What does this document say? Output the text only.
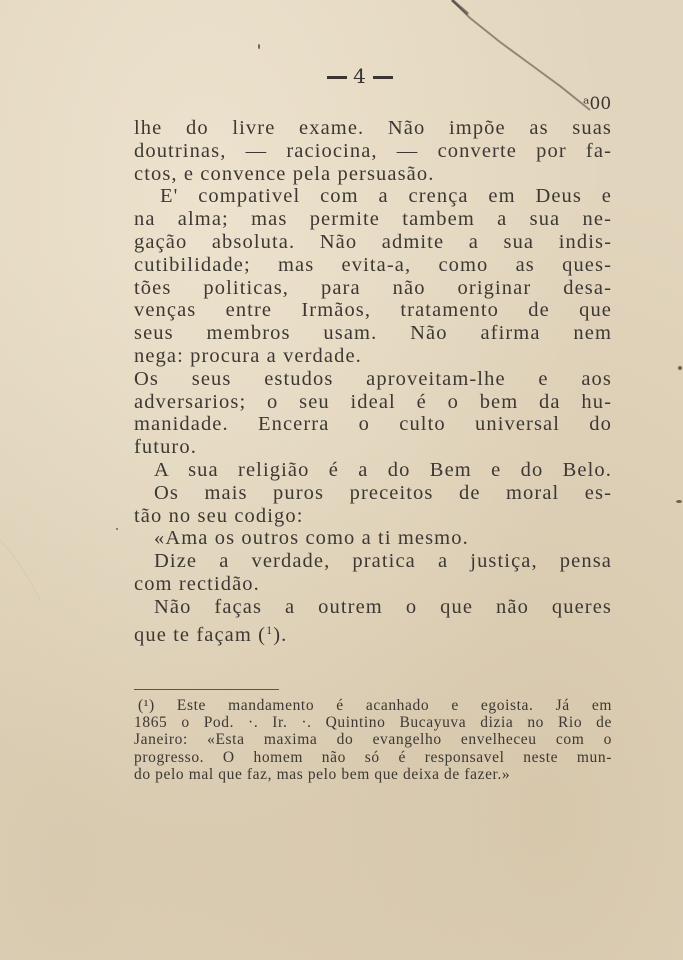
4
ᵃ00
lhe do livre exame. Não impõe as suas
doutrinas, — raciocina, — converte por fa-
ctos, e convence pela persuasão.
E' compativel com a crença em Deus e
na alma; mas permite tambem a sua ne-
gação absoluta. Não admite a sua indis-
cutibilidade; mas evita-a, como as ques-
tões politicas, para não originar desa-
venças entre Irmãos, tratamento de que
seus membros usam. Não afirma nem
nega: procura a verdade.
Os seus estudos aproveitam-lhe e aos
adversarios; o seu ideal é o bem da hu-
manidade. Encerra o culto universal do
futuro.
A sua religião é a do Bem e do Belo.
Os mais puros preceitos de moral es-
tão no seu codigo:
«Ama os outros como a ti mesmo.
Dize a verdade, pratica a justiça, pensa
com rectidão.
Não faças a outrem o que não queres
que te façam ($^1$).
(¹) Este mandamento é acanhado e egoista. Já em
1865 o Pod. ·. Ir. ·. Quintino Bucayuva dizia no Rio de
Janeiro: «Esta maxima do evangelho envelheceu com o
progresso. O homem não só é responsavel neste mun-
do pelo mal que faz, mas pelo bem que deixa de fazer.»
